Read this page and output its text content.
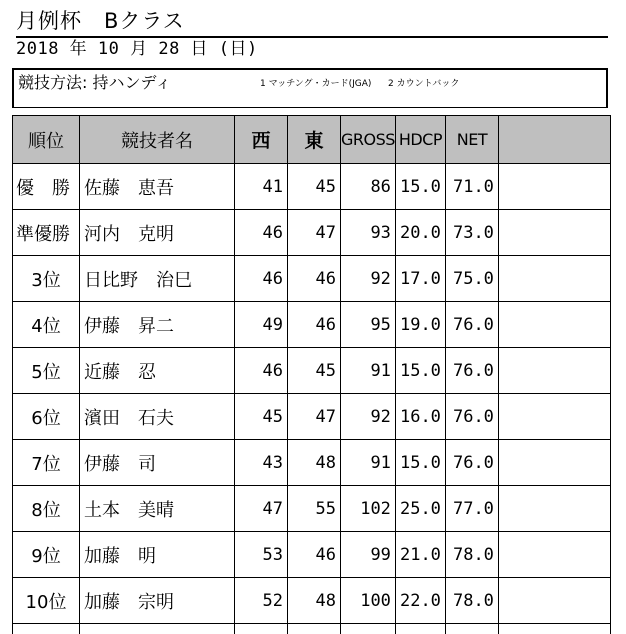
月例杯　Bクラス
2018 年 10 月 28 日 (日)
競技方法: 持ハンディ	1 マッチング・カード(JGA) 2 カウントバック
順位	競技者名	西	東	GROSS	HDCP	NET	
優　勝	佐藤　恵吾	41	45	86	15.0	71.0	
準優勝	河内　克明	46	47	93	20.0	73.0	
3位	日比野　治巳	46	46	92	17.0	75.0	
4位	伊藤　昇二	49	46	95	19.0	76.0	
5位	近藤　忍	46	45	91	15.0	76.0	
6位	濱田　石夫	45	47	92	16.0	76.0	
7位	伊藤　司	43	48	91	15.0	76.0	
8位	土本　美晴	47	55	102	25.0	77.0	
9位	加藤　明	53	46	99	21.0	78.0	
10位	加藤　宗明	52	48	100	22.0	78.0	
